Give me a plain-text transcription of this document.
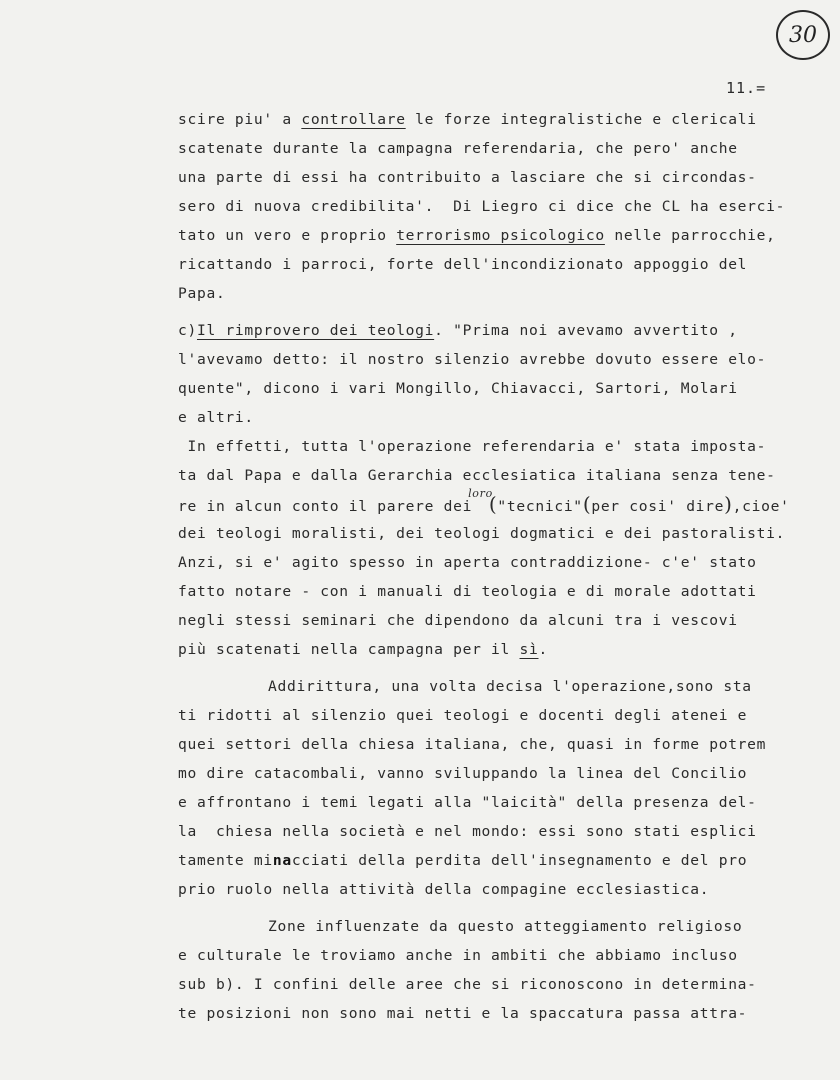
30
11.=
scire piu' a controllare le forze integralistiche e clericali
scatenate durante la campagna referendaria, che pero' anche
una parte di essi ha contribuito a lasciare che si circondas-
sero di nuova credibilita'.  Di Liegro ci dice che CL ha eserci-
tato un vero e proprio terrorismo psicologico nelle parrocchie,
ricattando i parroci, forte dell'incondizionato appoggio del
Papa.
c)Il rimprovero dei teologi. "Prima noi avevamo avvertito ,
l'avevamo detto: il nostro silenzio avrebbe dovuto essere elo-
quente", dicono i vari Mongillo, Chiavacci, Sartori, Molari
e altri.
In effetti, tutta l'operazione referendaria e' stata imposta-
ta dal Papa e dalla Gerarchia ecclesiatica italiana senza tene-
re in alcun conto il parere dei$^{loro}$("tecnici"(per cosi' dire),cioe'
dei teologi moralisti, dei teologi dogmatici e dei pastoralisti.
Anzi, si e' agito spesso in aperta contraddizione- c'e' stato
fatto notare - con i manuali di teologia e di morale adottati
negli stessi seminari che dipendono da alcuni tra i vescovi
più scatenati nella campagna per il sì.
Addirittura, una volta decisa l'operazione,sono sta
ti ridotti al silenzio quei teologi e docenti degli atenei e
quei settori della chiesa italiana, che, quasi in forme potrem
mo dire catacombali, vanno sviluppando la linea del Concilio
e affrontano i temi legati alla "laicità" della presenza del-
la  chiesa nella società e nel mondo: essi sono stati esplici
tamente minacciati della perdita dell'insegnamento e del pro
prio ruolo nella attività della compagine ecclesiastica.
Zone influenzate da questo atteggiamento religioso
e culturale le troviamo anche in ambiti che abbiamo incluso
sub b). I confini delle aree che si riconoscono in determina-
te posizioni non sono mai netti e la spaccatura passa attra-
